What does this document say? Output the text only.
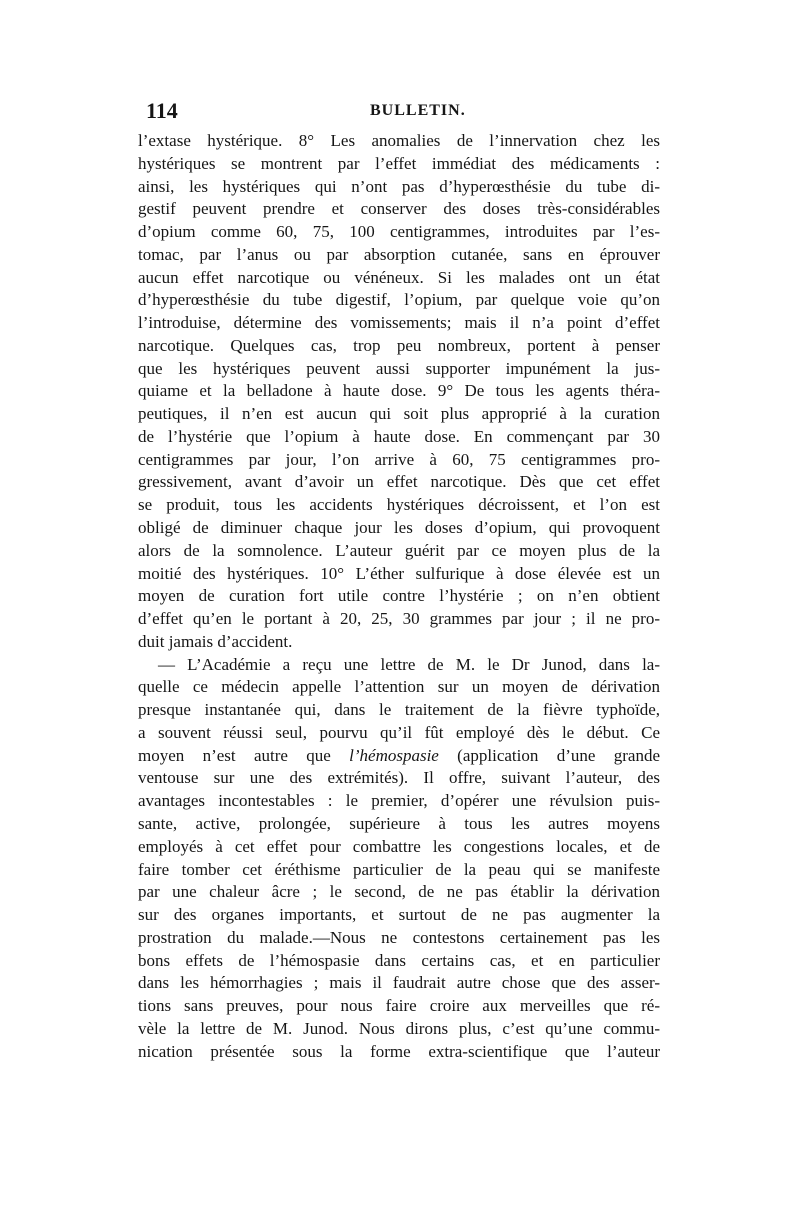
114	BULLETIN.
l’extase hystérique. 8° Les anomalies de l’innervation chez les
hystériques se montrent par l’effet immédiat des médicaments :
ainsi, les hystériques qui n’ont pas d’hyperœsthésie du tube di-
gestif peuvent prendre et conserver des doses très-considérables
d’opium comme 60, 75, 100 centigrammes, introduites par l’es-
tomac, par l’anus ou par absorption cutanée, sans en éprouver
aucun effet narcotique ou vénéneux. Si les malades ont un état
d’hyperœsthésie du tube digestif, l’opium, par quelque voie qu’on
l’introduise, détermine des vomissements; mais il n’a point d’effet
narcotique. Quelques cas, trop peu nombreux, portent à penser
que les hystériques peuvent aussi supporter impunément la jus-
quiame et la belladone à haute dose. 9° De tous les agents théra-
peutiques, il n’en est aucun qui soit plus approprié à la curation
de l’hystérie que l’opium à haute dose. En commençant par 30
centigrammes par jour, l’on arrive à 60, 75 centigrammes pro-
gressivement, avant d’avoir un effet narcotique. Dès que cet effet
se produit, tous les accidents hystériques décroissent, et l’on est
obligé de diminuer chaque jour les doses d’opium, qui provoquent
alors de la somnolence. L’auteur guérit par ce moyen plus de la
moitié des hystériques. 10° L’éther sulfurique à dose élevée est un
moyen de curation fort utile contre l’hystérie ; on n’en obtient
d’effet qu’en le portant à 20, 25, 30 grammes par jour ; il ne pro-
duit jamais d’accident.
— L’Académie a reçu une lettre de M. le Dr Junod, dans la-
quelle ce médecin appelle l’attention sur un moyen de dérivation
presque instantanée qui, dans le traitement de la fièvre typhoïde,
a souvent réussi seul, pourvu qu’il fût employé dès le début. Ce
moyen n’est autre que l’hémospasie (application d’une grande
ventouse sur une des extrémités). Il offre, suivant l’auteur, des
avantages incontestables : le premier, d’opérer une révulsion puis-
sante, active, prolongée, supérieure à tous les autres moyens
employés à cet effet pour combattre les congestions locales, et de
faire tomber cet éréthisme particulier de la peau qui se manifeste
par une chaleur âcre ; le second, de ne pas établir la dérivation
sur des organes importants, et surtout de ne pas augmenter la
prostration du malade.—Nous ne contestons certainement pas les
bons effets de l’hémospasie dans certains cas, et en particulier
dans les hémorrhagies ; mais il faudrait autre chose que des asser-
tions sans preuves, pour nous faire croire aux merveilles que ré-
vèle la lettre de M. Junod. Nous dirons plus, c’est qu’une commu-
nication présentée sous la forme extra-scientifique que l’auteur
